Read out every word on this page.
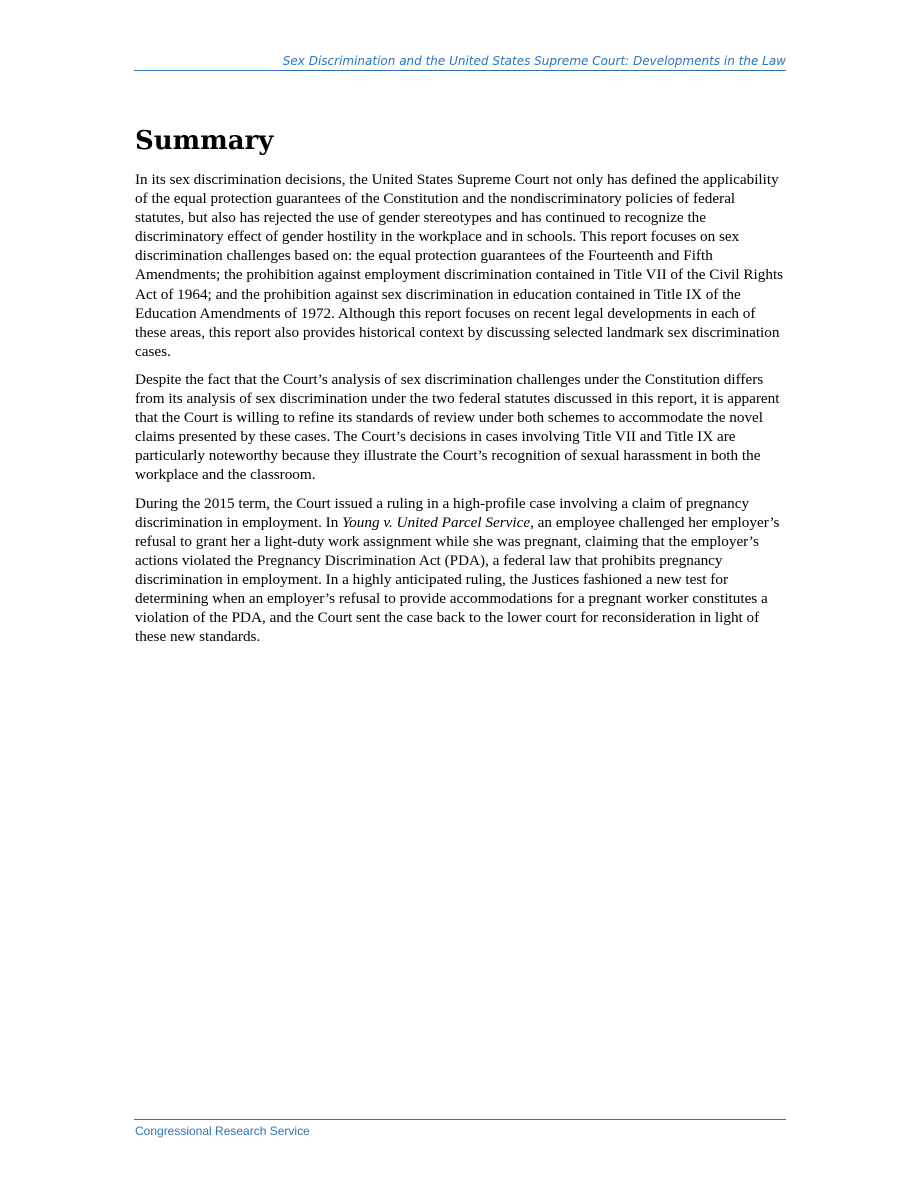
Sex Discrimination and the United States Supreme Court: Developments in the Law
Summary

In its sex discrimination decisions, the United States Supreme Court not only has defined the applicability of the equal protection guarantees of the Constitution and the nondiscriminatory policies of federal statutes, but also has rejected the use of gender stereotypes and has continued to recognize the discriminatory effect of gender hostility in the workplace and in schools. This report focuses on sex discrimination challenges based on: the equal protection guarantees of the Fourteenth and Fifth Amendments; the prohibition against employment discrimination contained in Title VII of the Civil Rights Act of 1964; and the prohibition against sex discrimination in education contained in Title IX of the Education Amendments of 1972. Although this report focuses on recent legal developments in each of these areas, this report also provides historical context by discussing selected landmark sex discrimination cases.

Despite the fact that the Court’s analysis of sex discrimination challenges under the Constitution differs from its analysis of sex discrimination under the two federal statutes discussed in this report, it is apparent that the Court is willing to refine its standards of review under both schemes to accommodate the novel claims presented by these cases. The Court’s decisions in cases involving Title VII and Title IX are particularly noteworthy because they illustrate the Court’s recognition of sexual harassment in both the workplace and the classroom.

During the 2015 term, the Court issued a ruling in a high-profile case involving a claim of pregnancy discrimination in employment. In Young v. United Parcel Service, an employee challenged her employer’s refusal to grant her a light-duty work assignment while she was pregnant, claiming that the employer’s actions violated the Pregnancy Discrimination Act (PDA), a federal law that prohibits pregnancy discrimination in employment. In a highly anticipated ruling, the Justices fashioned a new test for determining when an employer’s refusal to provide accommodations for a pregnant worker constitutes a violation of the PDA, and the Court sent the case back to the lower court for reconsideration in light of these new standards.

Congressional Research Service
